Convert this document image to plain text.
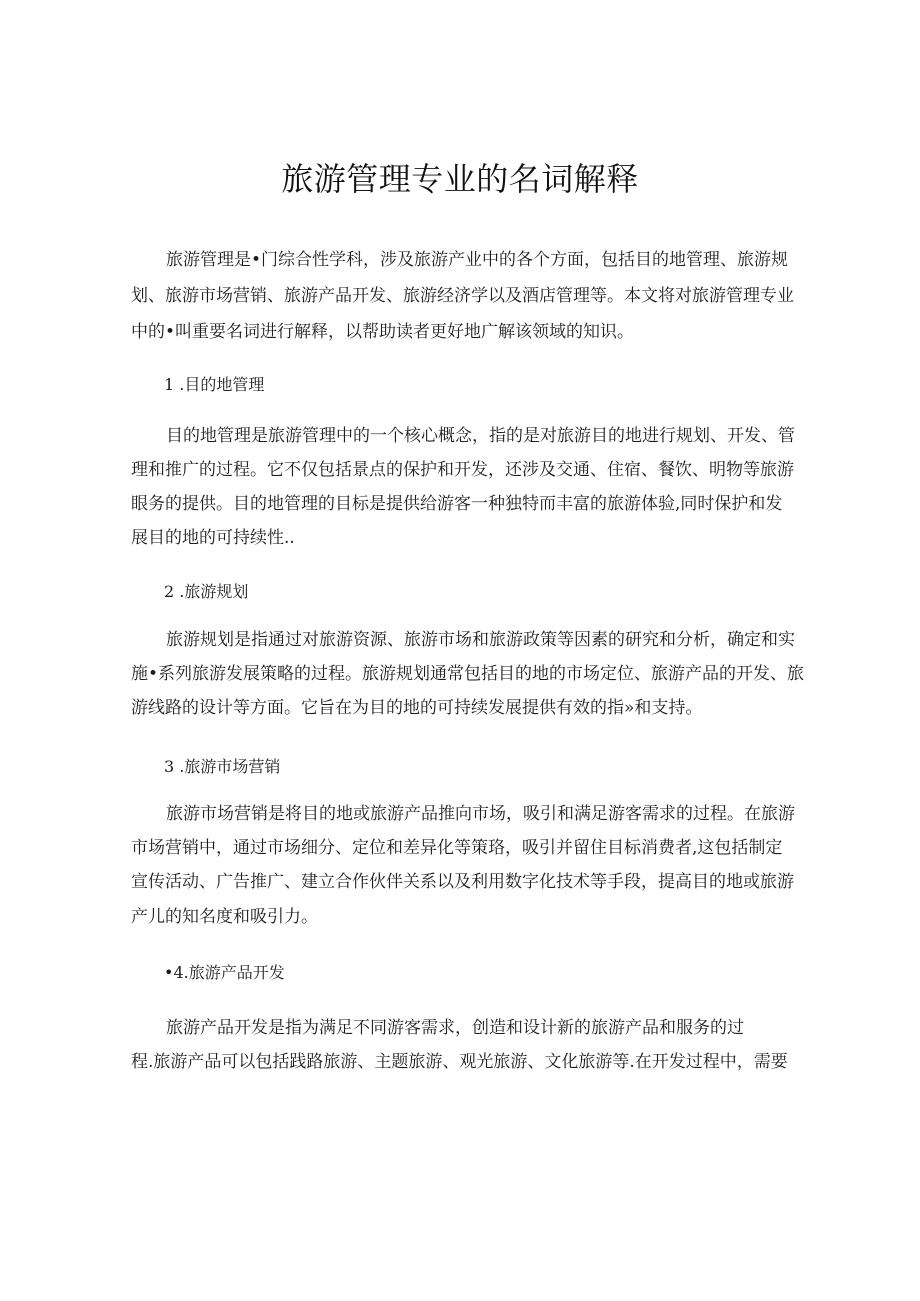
旅游管理专业的名词解释
旅游管理是•门综合性学科，涉及旅游产业中的各个方面，包括目的地管理、旅游规
划、旅游市场营销、旅游产品开发、旅游经济学以及酒店管理等。本文将对旅游管理专业
中的•叫重要名词进行解释，以帮助读者更好地广解该领域的知识。
1 .目的地管理
目的地管理是旅游管理中的一个核心概念，指的是对旅游目的地进行规划、开发、管
理和推广的过程。它不仅包括景点的保护和开发，还涉及交通、住宿、餐饮、明物等旅游
眼务的提供。目的地管理的目标是提供给游客一种独特而丰富的旅游体验,同时保护和发
展目的地的可持续性..
2 .旅游规划
旅游规划是指通过对旅游资源、旅游市场和旅游政策等因素的研究和分析，确定和实
施•系列旅游发展策略的过程。旅游规划通常包括目的地的市场定位、旅游产品的开发、旅
游线路的设计等方面。它旨在为目的地的可持续发展提供有效的指»和支持。
3 .旅游市场营销
旅游市场营销是将目的地或旅游产品推向市场，吸引和满足游客需求的过程。在旅游
市场营销中，通过市场细分、定位和差异化等策珞，吸引并留住目标消费者,这包括制定
宣传活动、广告推广、建立合作伙伴关系以及利用数字化技术等手段，提高目的地或旅游
产儿的知名度和吸引力。
•4.旅游产品开发
旅游产品开发是指为满足不同游客需求，创造和设计新的旅游产品和服务的过
程.旅游产品可以包括践路旅游、主题旅游、观光旅游、文化旅游等.在开发过程中，需要
